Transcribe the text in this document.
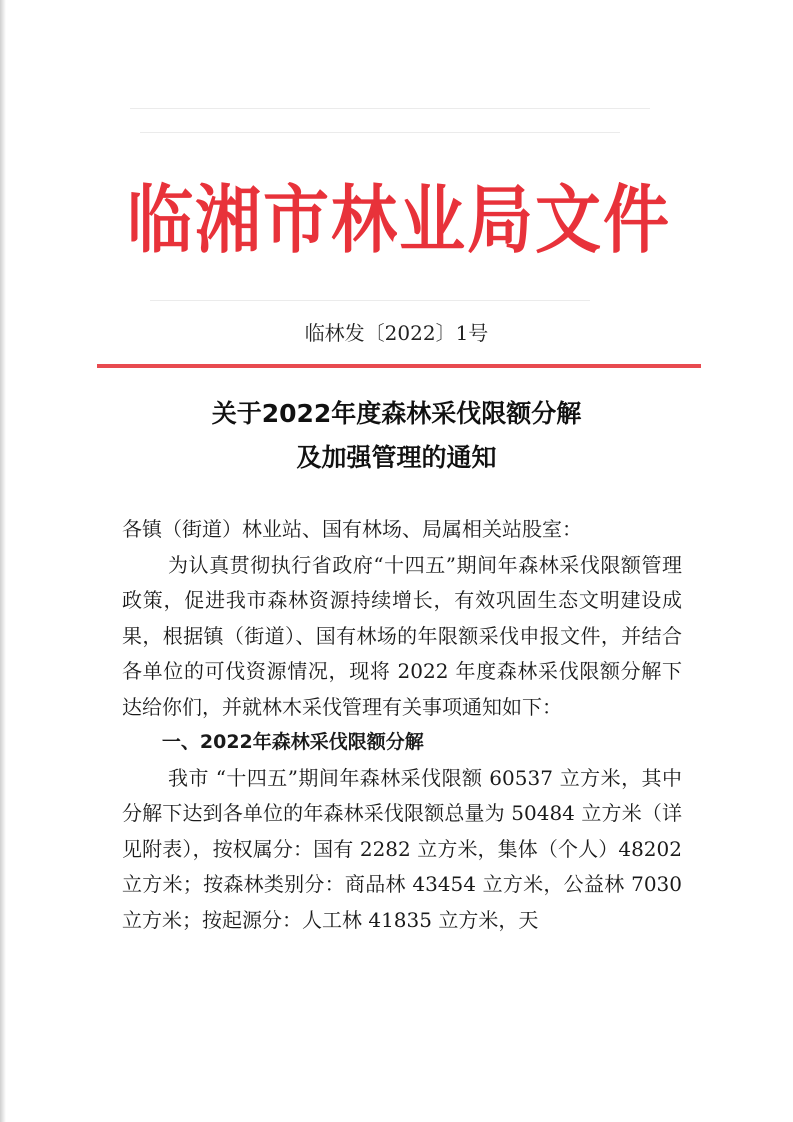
临湘市林业局文件
临林发〔2022〕1号
关于2022年度森林采伐限额分解
及加强管理的通知

各镇（街道）林业站、国有林场、局属相关站股室：

为认真贯彻执行省政府“十四五”期间年森林采伐限额管理政策，促进我市森林资源持续增长，有效巩固生态文明建设成果，根据镇（街道）、国有林场的年限额采伐申报文件，并结合各单位的可伐资源情况，现将 2022 年度森林采伐限额分解下达给你们，并就林木采伐管理有关事项通知如下：

一、2022年森林采伐限额分解

我市 “十四五”期间年森林采伐限额 60537 立方米，其中分解下达到各单位的年森林采伐限额总量为 50484 立方米（详见附表），按权属分：国有 2282 立方米，集体（个人）48202 立方米；按森林类别分：商品林 43454 立方米，公益林 7030 立方米；按起源分：人工林 41835 立方米，天
